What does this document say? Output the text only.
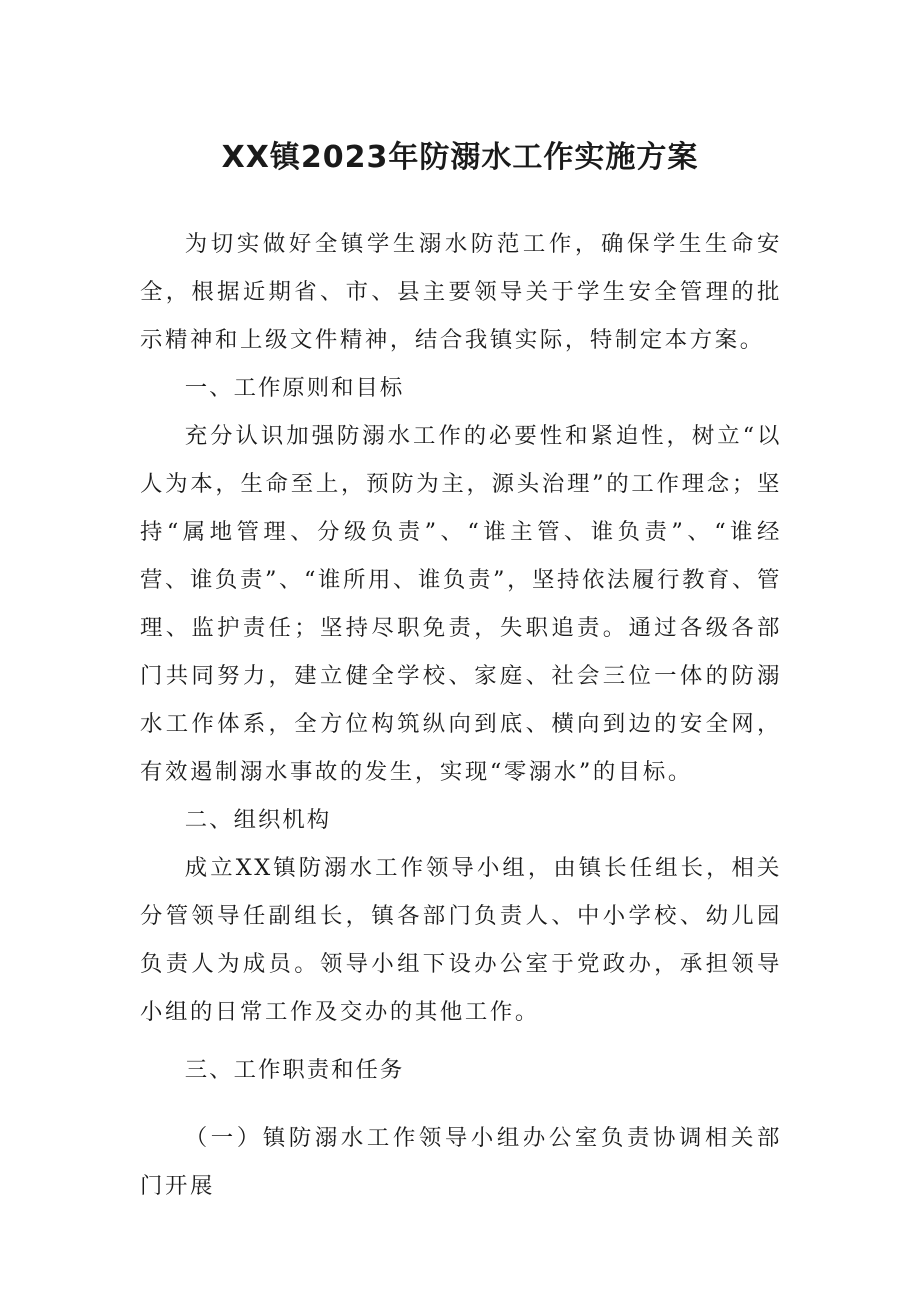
XX镇2023年防溺水工作实施方案

为切实做好全镇学生溺水防范工作，确保学生生命安全，根据近期省、市、县主要领导关于学生安全管理的批示精神和上级文件精神，结合我镇实际，特制定本方案。

一、工作原则和目标

充分认识加强防溺水工作的必要性和紧迫性，树立“以人为本，生命至上，预防为主，源头治理”的工作理念；坚持“属地管理、分级负责”、“谁主管、谁负责”、“谁经营、谁负责”、“谁所用、谁负责”，坚持依法履行教育、管理、监护责任；坚持尽职免责，失职追责。通过各级各部门共同努力，建立健全学校、家庭、社会三位一体的防溺水工作体系，全方位构筑纵向到底、横向到边的安全网，有效遏制溺水事故的发生，实现“零溺水”的目标。

二、组织机构

成立XX镇防溺水工作领导小组，由镇长任组长，相关分管领导任副组长，镇各部门负责人、中小学校、幼儿园负责人为成员。领导小组下设办公室于党政办，承担领导小组的日常工作及交办的其他工作。

三、工作职责和任务

（一）镇防溺水工作领导小组办公室负责协调相关部门开展
